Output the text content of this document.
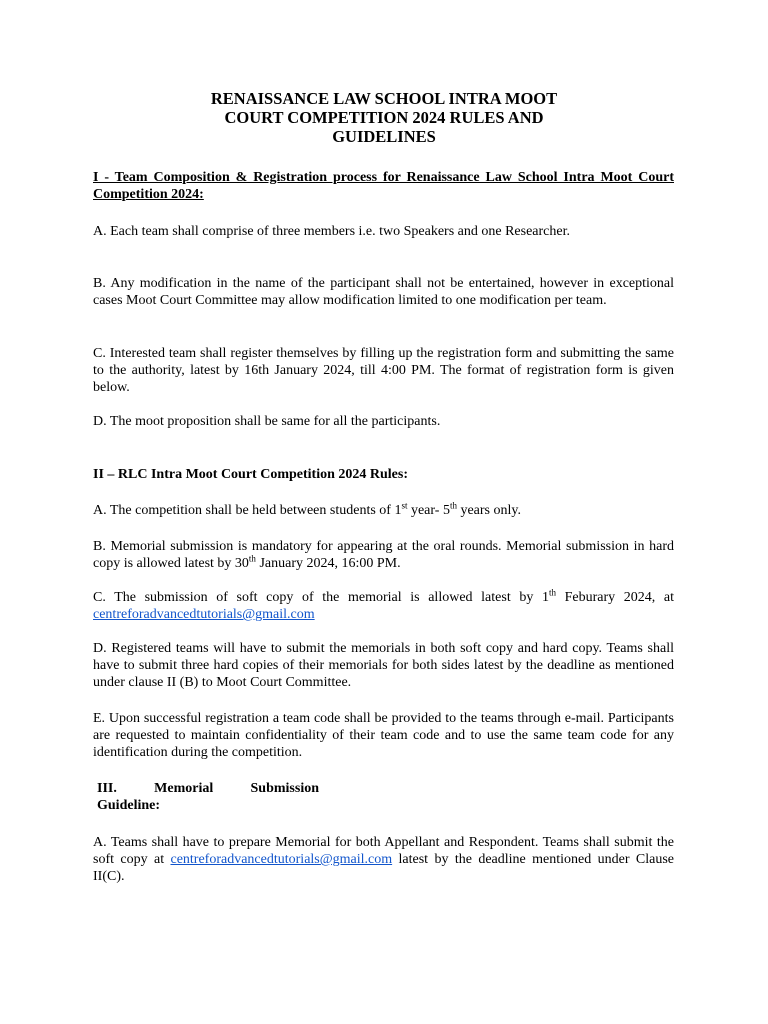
RENAISSANCE LAW SCHOOL INTRA MOOT
COURT COMPETITION 2024 RULES AND
GUIDELINES
I - Team Composition & Registration process for Renaissance Law School Intra Moot Court Competition 2024:
A. Each team shall comprise of three members i.e. two Speakers and one Researcher.
B. Any modification in the name of the participant shall not be entertained, however in exceptional cases Moot Court Committee may allow modification limited to one modification per team.
C. Interested team shall register themselves by filling up the registration form and submitting the same to the authority, latest by 16th January 2024, till 4:00 PM. The format of registration form is given below.
D. The moot proposition shall be same for all the participants.
II – RLC Intra Moot Court Competition 2024 Rules:
A. The competition shall be held between students of 1st year- 5th years only.
B. Memorial submission is mandatory for appearing at the oral rounds. Memorial submission in hard copy is allowed latest by 30th January 2024, 16:00 PM.
C. The submission of soft copy of the memorial is allowed latest by 1th Feburary 2024, at centreforadvancedtutorials@gmail.com
D. Registered teams will have to submit the memorials in both soft copy and hard copy. Teams shall have to submit three hard copies of their memorials for both sides latest by the deadline as mentioned under clause II (B) to Moot Court Committee.
E. Upon successful registration a team code shall be provided to the teams through e-mail. Participants are requested to maintain confidentiality of their team code and to use the same team code for any identification during the competition.
III.	Memorial	Submission
Guideline:
A. Teams shall have to prepare Memorial for both Appellant and Respondent. Teams shall submit the soft copy at centreforadvancedtutorials@gmail.com latest by the deadline mentioned under Clause II(C).
